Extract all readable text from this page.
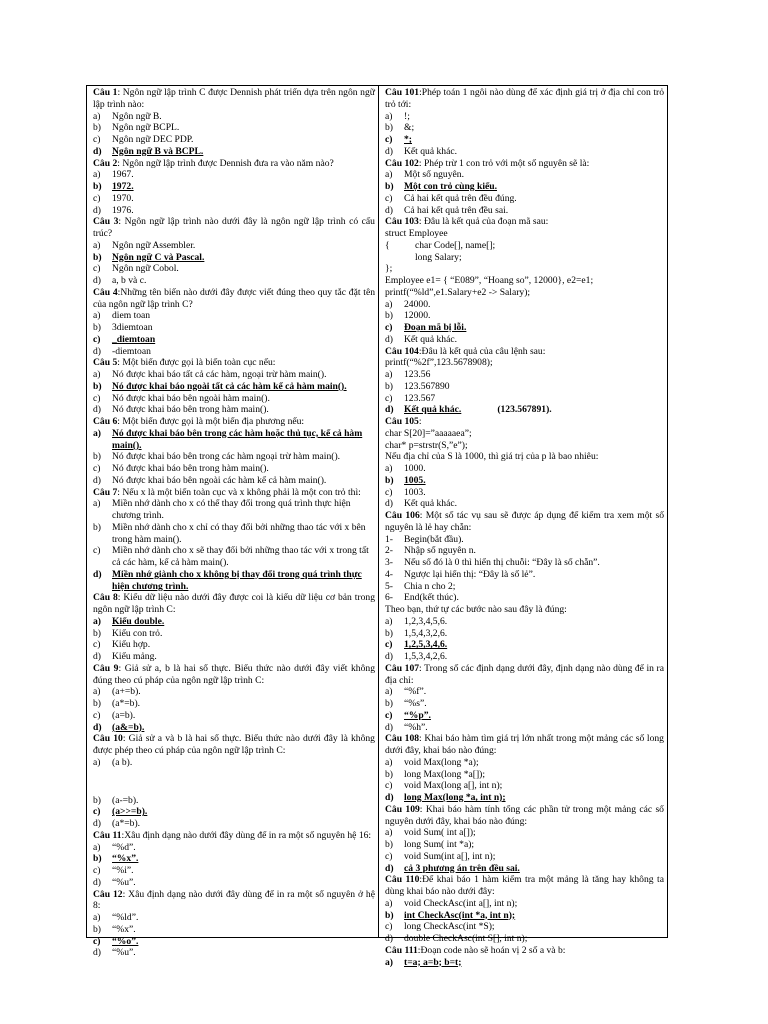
Câu 1: Ngôn ngữ lập trình C được Dennish phát triển dựa trên ngôn ngữ lập trình nào:
a)	Ngôn ngữ B.
b)	Ngôn ngữ BCPL.
c)	Ngôn ngữ DEC PDP.
d)	Ngôn ngữ B và BCPL.
Câu 2: Ngôn ngữ lập trình được Dennish đưa ra vào năm nào?
a)	1967.
b)	1972.
c)	1970.
d)	1976.
Câu 3: Ngôn ngữ lập trình nào dưới đây là ngôn ngữ lập trình có cấu trúc?
a)	Ngôn ngữ Assembler.
b)	Ngôn ngữ C và Pascal.
c)	Ngôn ngữ Cobol.
d)	a, b và c.
Câu 4:Những tên biến nào dưới đây được viết đúng theo quy tắc đặt tên của ngôn ngữ lập trình C?
a)	diem toan
b)	3diemtoan
c)	_diemtoan
d)	-diemtoan
Câu 5: Một biến được gọi là biến toàn cục nếu:
a)	Nó được khai báo tất cả các hàm, ngoại trừ hàm main().
b)	Nó được khai báo ngoài tất cả các hàm kể cả hàm main().
c)	Nó được khai báo bên ngoài hàm main().
d)	Nó được khai báo bên trong hàm main().
Câu 6: Một biến được gọi là một biến địa phương nếu:
a)	Nó được khai báo bên trong các hàm hoặc thủ tục, kể cả hàm main().
b)	Nó được khai báo bên trong các hàm ngoại trừ hàm main().
c)	Nó được khai báo bên trong hàm main().
d)	Nó được khai báo bên ngoài các hàm kể cả hàm main().
Câu 7: Nếu x là một biến toàn cục và x không phải là một con trỏ thì:
a)	Miền nhớ dành cho x có thể thay đổi trong quá trình thực hiện chương trình.
b)	Miền nhớ dành cho x chỉ có thay đổi bởi những thao tác với x bên trong hàm main().
c)	Miền nhớ dành cho x sẽ thay đổi bởi những thao tác với x trong tất cả các hàm, kể cả hàm main().
d)	Miền nhớ giành cho x không bị thay đổi trong quá trình thực hiện chương trình.
Câu 8: Kiểu dữ liệu nào dưới đây được coi là kiểu dữ liệu cơ bản trong ngôn ngữ lập trình C:
a)	Kiểu double.
b)	Kiểu con trỏ.
c)	Kiểu hợp.
d)	Kiểu mảng.
Câu 9: Giả sử a, b là hai số thực. Biểu thức nào dưới đây viết không đúng theo cú pháp của ngôn ngữ lập trình C:
a)	(a+=b).
b)	(a*=b).
c)	(a=b).
d)	(a&=b).
Câu 10: Giả sử a và b là hai số thực. Biểu thức nào dưới đây là không được phép theo cú pháp của ngôn ngữ lập trình C:
a)	(a b).
b)	(a-=b).
c)	(a>>=b).
d)	(a*=b).
Câu 11:Xâu định dạng nào dưới đây dùng để in ra một số nguyên hệ 16:
a)	“%d”.
b)	“%x”.
c)	“%i”.
d)	“%u”.
Câu 12: Xâu định dạng nào dưới đây dùng để in ra một số nguyên ở hệ 8:
a)	“%ld”.
b)	“%x”.
c)	“%o”.
d)	“%u”.
Câu 101:Phép toán 1 ngôi nào dùng để xác định giá trị ở địa chỉ con trỏ trỏ tới:
a)	!;
b)	&;
c)	*;
d)	Kết quả khác.
Câu 102: Phép trừ 1 con trỏ với một số nguyên sẽ là:
a)	Một số nguyên.
b)	Một con trỏ cùng kiểu.
c)	Cả hai kết quả trên đều đúng.
d)	Cả hai kết quả trên đều sai.
Câu 103: Đâu là kết quả của đoạn mã sau:
struct Employee
{	char Code[], name[];
long Salary;
};
Employee e1= { “E089”, “Hoang so”, 12000}, e2=e1;
printf(“%ld”,e1.Salary+e2 -> Salary);
a)	24000.
b)	12000.
c)	Đoạn mã bị lỗi.
d)	Kết quả khác.
Câu 104:Đâu là kết quả của câu lệnh sau:
printf(“%2f”,123.5678908);
a)	123.56
b)	123.567890
c)	123.567
d)	Kết quả khác.	(123.567891).
Câu 105:
char S[20]=”aaaaaea”;
char* p=strstr(S,”e”);
Nếu địa chỉ của S là 1000, thì giá trị của p là bao nhiêu:
a)	1000.
b)	1005.
c)	1003.
d)	Kết quả khác.
Câu 106: Một số tác vụ sau sẽ được áp dụng để kiểm tra xem một số nguyên là lẻ hay chẵn:
1-	Begin(bắt đầu).
2-	Nhập số nguyên n.
3-	Nếu số đó là 0 thì hiển thị chuỗi: “Đây là số chẵn”.
4-	Ngược lại hiển thị: “Đây là số lẻ”.
5-	Chia n cho 2;
6-	End(kết thúc).
Theo bạn, thứ tự các bước nào sau đây là đúng:
a)	1,2,3,4,5,6.
b)	1,5,4,3,2,6.
c)	1,2,5,3,4,6.
d)	1,5,3,4,2,6.
Câu 107: Trong số các định dạng dưới đây, định dạng nào dùng để in ra địa chỉ:
a)	“%f”.
b)	“%s”.
c)	“%p”.
d)	“%h”.
Câu 108: Khai báo hàm tìm giá trị lớn nhất trong một mảng các số long dưới đây, khai báo nào đúng:
a)	void Max(long *a);
b)	long Max(long *a[]);
c)	void Max(long a[], int n);
d)	long Max(long *a, int n);
Câu 109: Khai báo hàm tính tổng các phần tử trong một mảng các số nguyên dưới đây, khai báo nào đúng:
a)	void Sum( int a[]);
b)	long Sum( int *a);
c)	void Sum(int a[], int n);
d)	cả 3 phương án trên đều sai.
Câu 110:Để khai báo 1 hàm kiểm tra một mảng là tăng hay không ta dùng khai báo nào dưới đây:
a)	void CheckAsc(int a[], int n);
b)	int CheckAsc(int *a, int n);
c)	long CheckAsc(int *S);
d)	double CheckAsc(int S[], int n);
Câu 111:Đoạn code nào sẽ hoán vị 2 số a và b:
a)	t=a; a=b; b=t;
